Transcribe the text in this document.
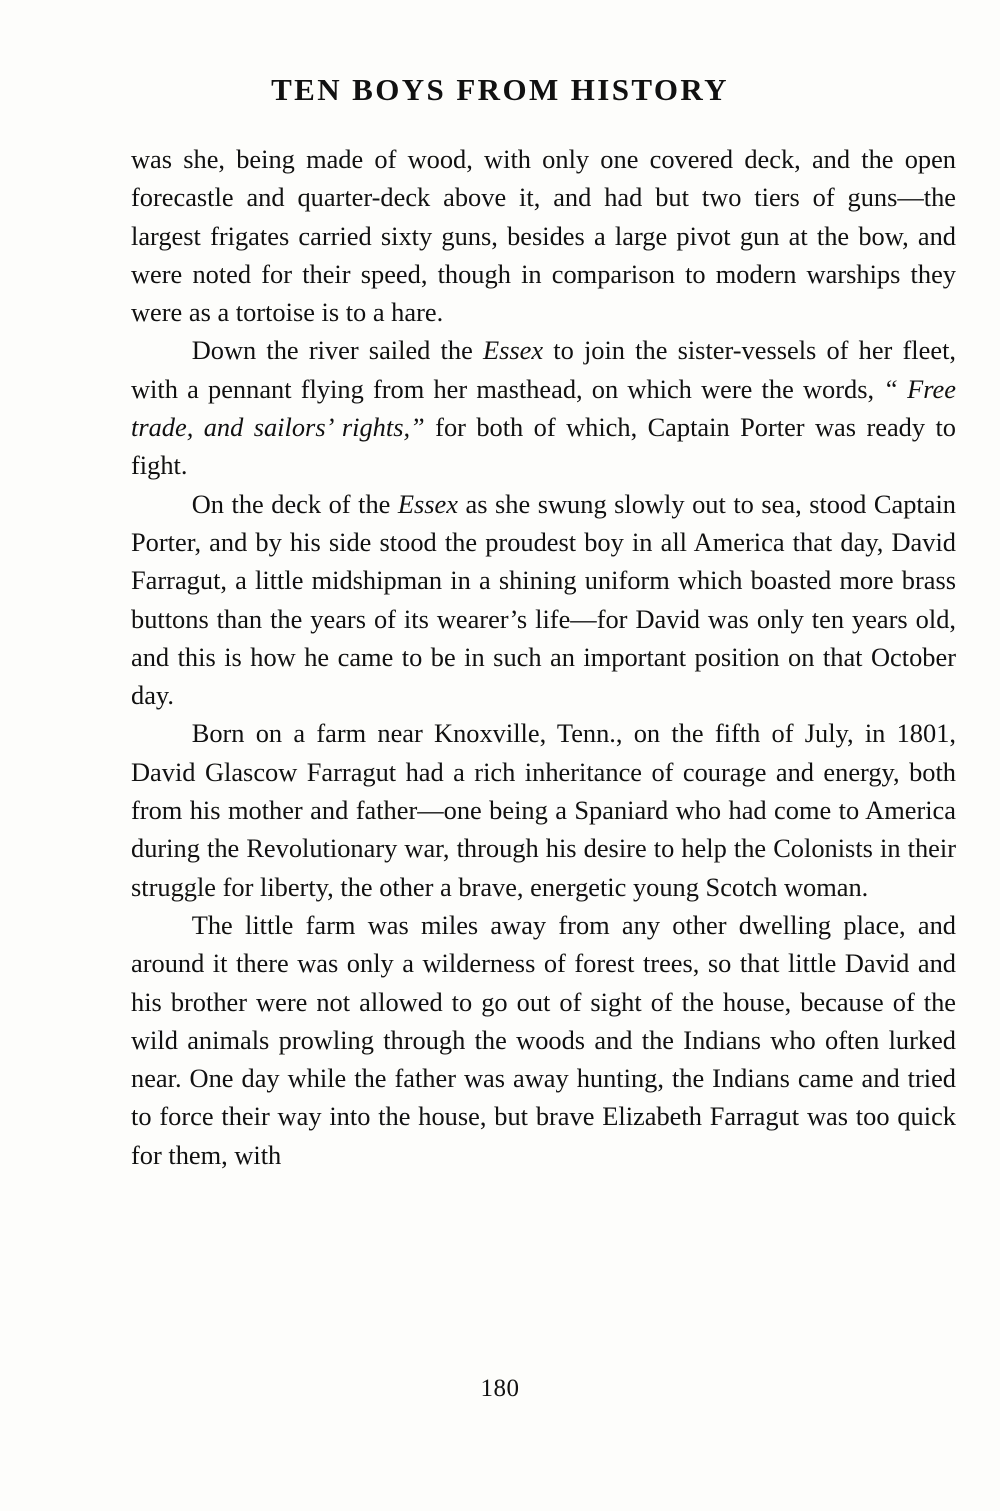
TEN BOYS FROM HISTORY

was she, being made of wood, with only one covered deck, and the open forecastle and quarter-deck above it, and had but two tiers of guns—the largest frigates carried sixty guns, besides a large pivot gun at the bow, and were noted for their speed, though in comparison to modern warships they were as a tortoise is to a hare.

Down the river sailed the Essex to join the sister-vessels of her fleet, with a pennant flying from her masthead, on which were the words, “ Free trade, and sailors’ rights,” for both of which, Captain Porter was ready to fight.

On the deck of the Essex as she swung slowly out to sea, stood Captain Porter, and by his side stood the proudest boy in all America that day, David Farragut, a little midshipman in a shining uniform which boasted more brass buttons than the years of its wearer’s life—for David was only ten years old, and this is how he came to be in such an important position on that October day.

Born on a farm near Knoxville, Tenn., on the fifth of July, in 1801, David Glascow Farragut had a rich inheritance of courage and energy, both from his mother and father—one being a Spaniard who had come to America during the Revolutionary war, through his desire to help the Colonists in their struggle for liberty, the other a brave, energetic young Scotch woman.

The little farm was miles away from any other dwelling place, and around it there was only a wilderness of forest trees, so that little David and his brother were not allowed to go out of sight of the house, because of the wild animals prowling through the woods and the Indians who often lurked near. One day while the father was away hunting, the Indians came and tried to force their way into the house, but brave Elizabeth Farragut was too quick for them, with

180
